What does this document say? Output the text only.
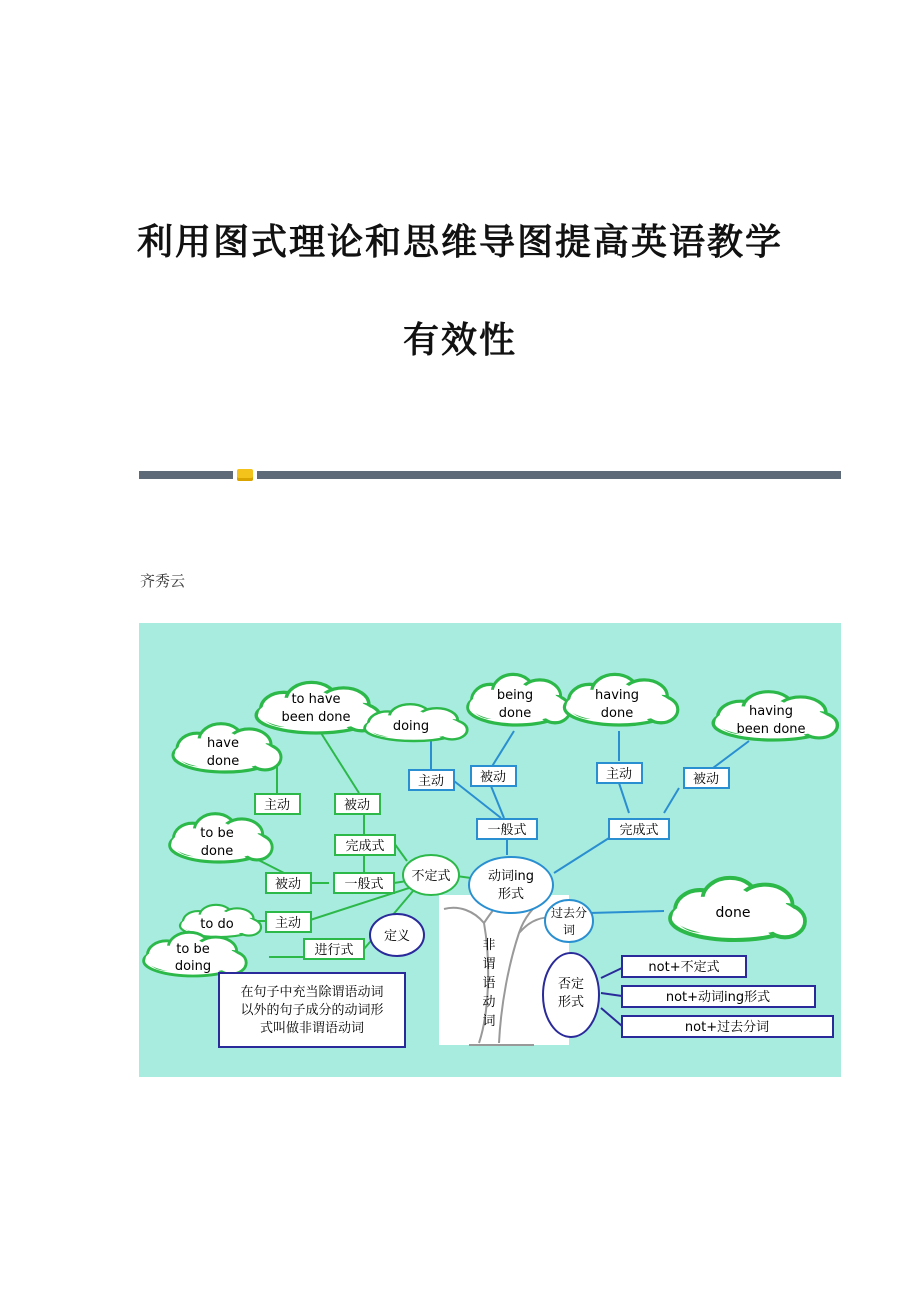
利用图式理论和思维导图提高英语教学
有效性
齐秀云
非
谓
语
动
词
to have
been done
have
done
to be
done
to do
to be
doing
doing
being
done
having
done	having
been done
done
主动	被动
完成式
被动	一般式
主动
进行式
主动	被动
一般式
主动	被动
完成式
不定式
定义
动词ing
形式
过去分
词
否定
形式
在句子中充当除谓语动词
以外的句子成分的动词形
式叫做非谓语动词
not+不定式
not+动词ing形式
not+过去分词
